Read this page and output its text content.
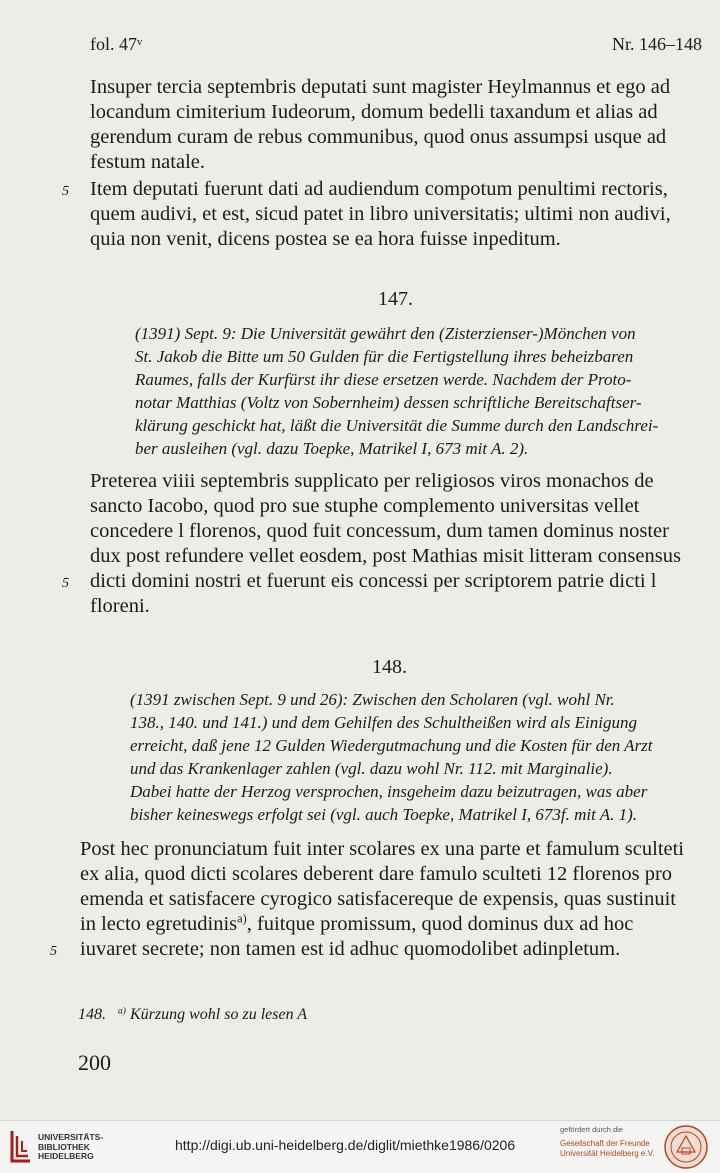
fol. 47ᵛ	Nr. 146–148
Insuper tercia septembris deputati sunt magister Heylmannus et ego ad
locandum cimiterium Iudeorum, domum bedelli taxandum et alias ad
gerendum curam de rebus communibus, quod onus assumpsi usque ad
festum natale.
5 Item deputati fuerunt dati ad audiendum compotum penultimi rectoris,
quem audivi, et est, sicud patet in libro universitatis; ultimi non audivi,
quia non venit, dicens postea se ea hora fuisse inpeditum.
147.
(1391) Sept. 9: Die Universität gewährt den (Zisterzienser-)Mönchen von
St. Jakob die Bitte um 50 Gulden für die Fertigstellung ihres beheizbaren
Raumes, falls der Kurfürst ihr diese ersetzen werde. Nachdem der Proto-
notar Matthias (Voltz von Sobernheim) dessen schriftliche Bereitschaftser-
klärung geschickt hat, läßt die Universität die Summe durch den Landschrei-
ber ausleihen (vgl. dazu Toepke, Matrikel I, 673 mit A. 2).
Preterea viiii septembris supplicato per religiosos viros monachos de
sancto Iacobo, quod pro sue stuphe complemento universitas vellet
concedere l florenos, quod fuit concessum, dum tamen dominus noster
dux post refundere vellet eosdem, post Mathias misit litteram consensus
5 dicti domini nostri et fuerunt eis concessi per scriptorem patrie dicti l
floreni.
148.
(1391 zwischen Sept. 9 und 26): Zwischen den Scholaren (vgl. wohl Nr.
138., 140. und 141.) und dem Gehilfen des Schultheißen wird als Einigung
erreicht, daß jene 12 Gulden Wiedergutmachung und die Kosten für den Arzt
und das Krankenlager zahlen (vgl. dazu wohl Nr. 112. mit Marginalie).
Dabei hatte der Herzog versprochen, insgeheim dazu beizutragen, was aber
bisher keineswegs erfolgt sei (vgl. auch Toepke, Matrikel I, 673f. mit A. 1).
Post hec pronunciatum fuit inter scolares ex una parte et famulum sculteti
ex alia, quod dicti scolares deberent dare famulo sculteti 12 florenos pro
emenda et satisfacere cyrogico satisfacereque de expensis, quas sustinuit
in lecto egretudinis$^{a)}$, fuitque promissum, quod dominus dux ad hoc
5 iuvaret secrete; non tamen est id adhuc quomodolibet adinpletum.
148. $^{a)}$ Kürzung wohl so zu lesen A
200
UNIVERSITÄTS-
BIBLIOTHEK
HEIDELBERG
http://digi.ub.uni-heidelberg.de/diglit/miethke1986/0206
gefördert durch die
Gesellschaft der Freunde
Universität Heidelberg e.V.
